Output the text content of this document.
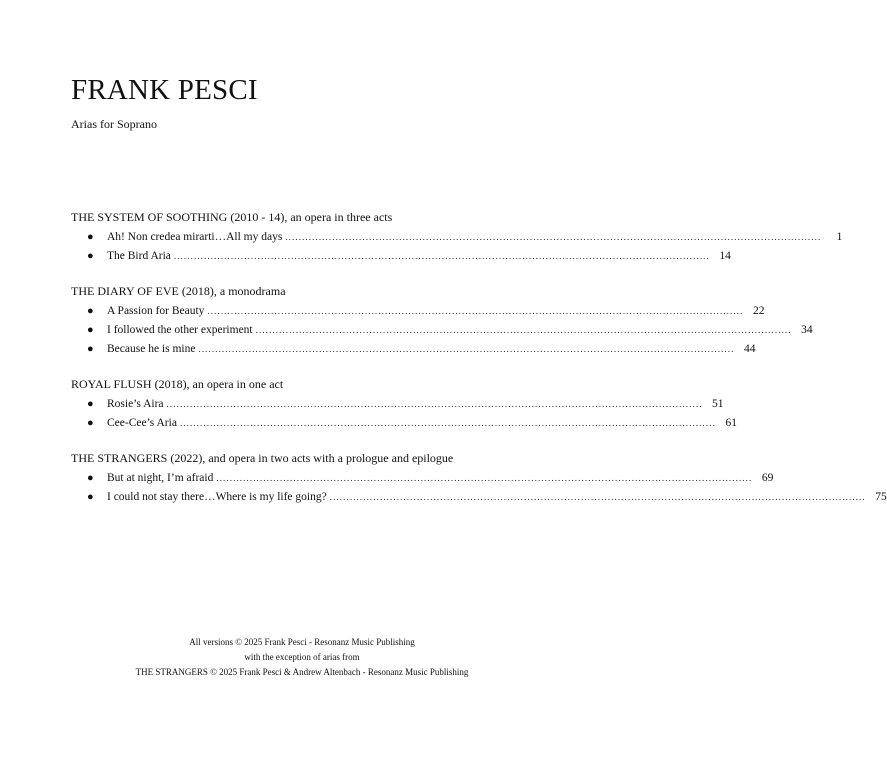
FRANK PESCI

Arias for Soprano

THE SYSTEM OF SOOTHING (2010 - 14), an opera in three acts
●	Ah! Non credea mirarti…All my days ................................................................................................................................................................	1
●	The Bird Aria ................................................................................................................................................................ 14
THE DIARY OF EVE (2018), a monodrama
●	A Passion for Beauty ................................................................................................................................................................ 22
●	I followed the other experiment ................................................................................................................................................................ 34
●	Because he is mine ................................................................................................................................................................ 44
ROYAL FLUSH (2018), an opera in one act
●	Rosie’s Aira ................................................................................................................................................................ 51
●	Cee-Cee’s Aria ................................................................................................................................................................ 61
THE STRANGERS (2022), and opera in two acts with a prologue and epilogue
●	But at night, I’m afraid ................................................................................................................................................................ 69
●	I could not stay there…Where is my life going? ................................................................................................................................................................ 75
All versions © 2025 Frank Pesci - Resonanz Music Publishing
with the exception of arias from
THE STRANGERS © 2025 Frank Pesci & Andrew Altenbach - Resonanz Music Publishing
